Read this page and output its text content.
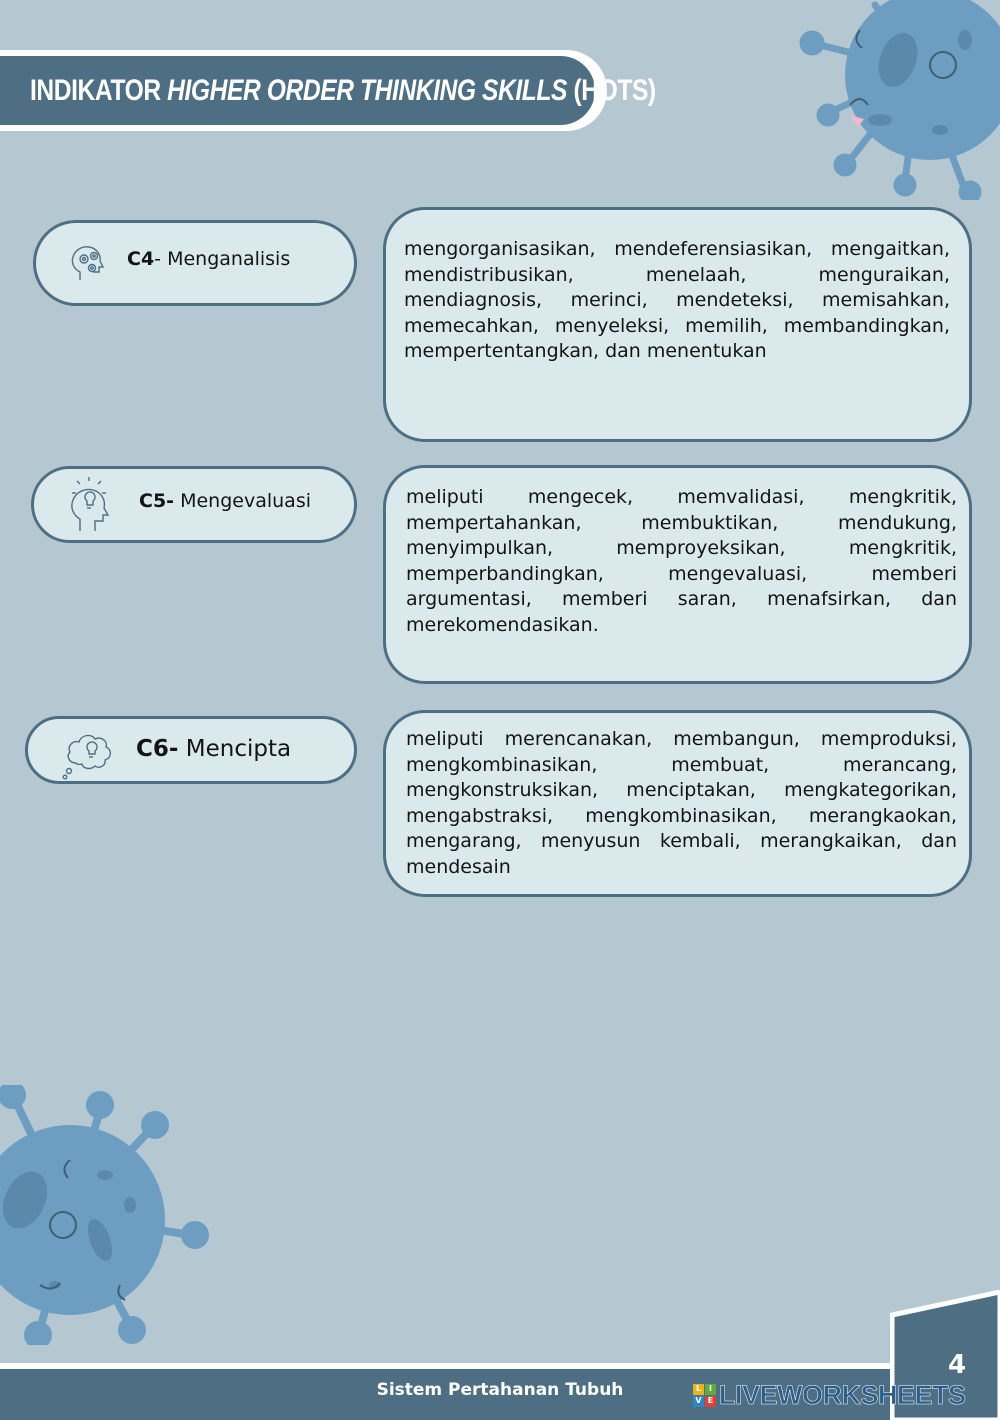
INDIKATOR HIGHER ORDER THINKING SKILLS (HOTS)
C4- Menganalisis	mengorganisasikan, mendeferensiasikan, mengaitkan, mendistribusikan, menelaah, menguraikan, mendiagnosis, merinci, mendeteksi, memisahkan, memecahkan, menyeleksi, memilih, membandingkan, mempertentangkan, dan menentukan

C5- Mengevaluasi	meliputi mengecek, memvalidasi, mengkritik, mempertahankan, membuktikan, mendukung, menyimpulkan, memproyeksikan, mengkritik, memperbandingkan, mengevaluasi, memberi argumentasi, memberi saran, menafsirkan, dan merekomendasikan.

C6- Mencipta	meliputi merencanakan, membangun, memproduksi, mengkombinasikan, membuat, merancang, mengkonstruksikan, menciptakan, mengkategorikan, mengabstraksi, mengkombinasikan, merangkaokan, mengarang, menyusun kembali, merangkaikan, dan mendesain

Sistem Pertahanan Tubuh
4
L I
V E LIVEWORKSHEETS
